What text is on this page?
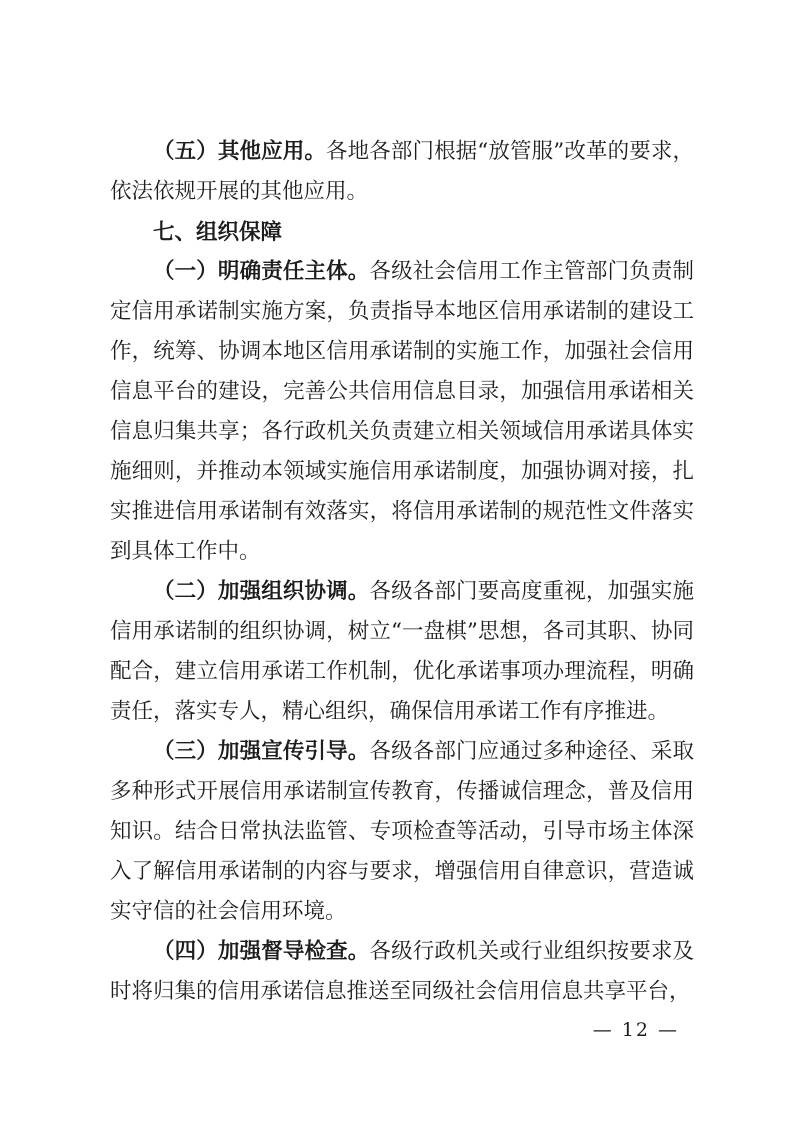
（五）其他应用。各地各部门根据“放管服”改革的要求，依法依规开展的其他应用。

七、组织保障

（一）明确责任主体。各级社会信用工作主管部门负责制定信用承诺制实施方案，负责指导本地区信用承诺制的建设工作，统筹、协调本地区信用承诺制的实施工作，加强社会信用信息平台的建设，完善公共信用信息目录，加强信用承诺相关信息归集共享；各行政机关负责建立相关领域信用承诺具体实施细则，并推动本领域实施信用承诺制度，加强协调对接，扎实推进信用承诺制有效落实，将信用承诺制的规范性文件落实到具体工作中。

（二）加强组织协调。各级各部门要高度重视，加强实施信用承诺制的组织协调，树立“一盘棋”思想，各司其职、协同配合，建立信用承诺工作机制，优化承诺事项办理流程，明确责任，落实专人，精心组织，确保信用承诺工作有序推进。

（三）加强宣传引导。各级各部门应通过多种途径、采取多种形式开展信用承诺制宣传教育，传播诚信理念，普及信用知识。结合日常执法监管、专项检查等活动，引导市场主体深入了解信用承诺制的内容与要求，增强信用自律意识，营造诚实守信的社会信用环境。

（四）加强督导检查。各级行政机关或行业组织按要求及时将归集的信用承诺信息推送至同级社会信用信息共享平台，

— 12 —
